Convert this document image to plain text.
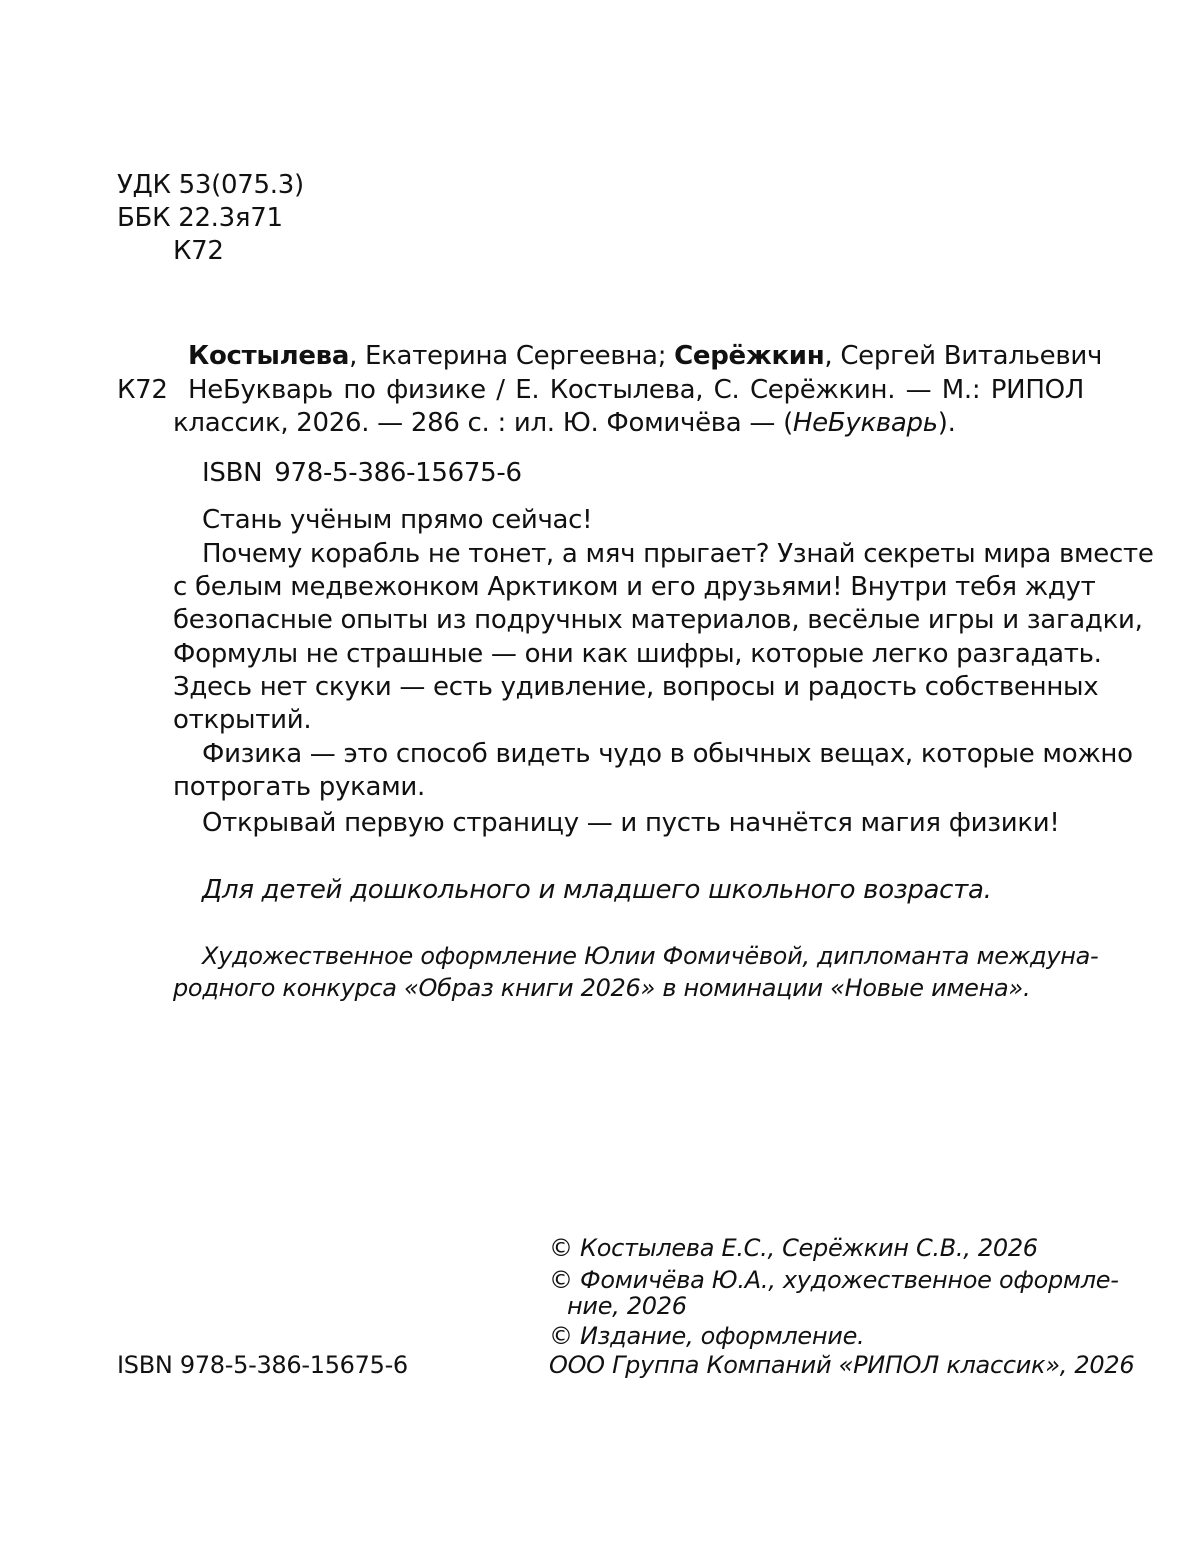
УДК 53(075.3)
ББК 22.3я71
К72
Костылева, Екатерина Сергеевна; Серёжкин, Сергей Витальевич
К72 НеБукварь по физике / Е. Костылева, С. Серёжкин. — М.: РИПОЛ
классик, 2026. — 286 с. : ил. Ю. Фомичёва — (НеБукварь).
ISBN 978-5-386-15675-6
Стань учёным прямо сейчас!
Почему корабль не тонет, а мяч прыгает? Узнай секреты мира вместе
с белым медвежонком Арктиком и его друзьями! Внутри тебя ждут
безопасные опыты из подручных материалов, весёлые игры и загадки,
Формулы не страшные — они как шифры, которые легко разгадать.
Здесь нет скуки — есть удивление, вопросы и радость собственных
открытий.
Физика — это способ видеть чудо в обычных вещах, которые можно
потрогать руками.
Открывай первую страницу — и пусть начнётся магия физики!
Для детей дошкольного и младшего школьного возраста.
Художественное оформление Юлии Фомичёвой, дипломанта междуна-
родного конкурса «Образ книги 2026» в номинации «Новые имена».
© Костылева Е.С., Серёжкин С.В., 2026
© Фомичёва Ю.А., художественное оформле-
ние, 2026
© Издание, оформление.
ISBN 978-5-386-15675-6	ООО Группа Компаний «РИПОЛ классик», 2026
